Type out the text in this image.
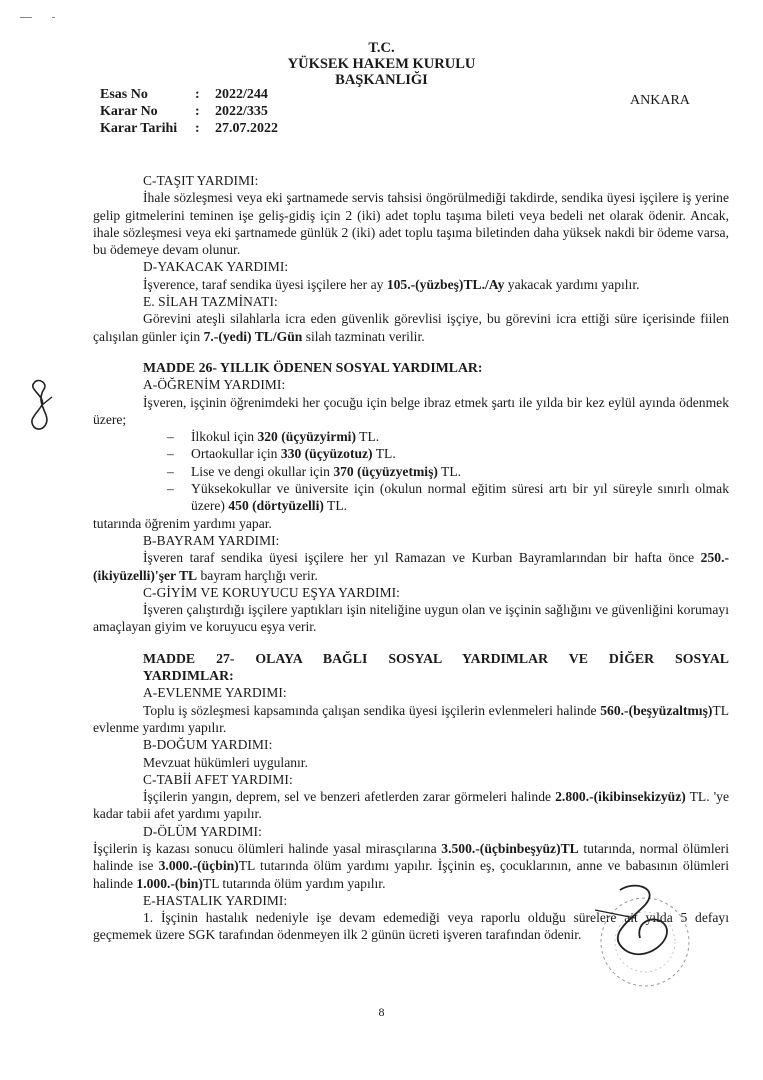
T.C.
YÜKSEK HAKEM KURULU
BAŞKANLIĞI
Esas No	:	2022/244
Karar No	:	2022/335
Karar Tarihi	:	27.07.2022
ANKARA
C-TAŞIT YARDIMI:
İhale sözleşmesi veya eki şartnamede servis tahsisi öngörülmediği takdirde, sendika üyesi işçilere iş yerine gelip gitmelerini teminen işe geliş-gidiş için 2 (iki) adet toplu taşıma bileti veya bedeli net olarak ödenir. Ancak, ihale sözleşmesi veya eki şartnamede günlük 2 (iki) adet toplu taşıma biletinden daha yüksek nakdi bir ödeme varsa, bu ödemeye devam olunur.
D-YAKACAK YARDIMI:
İşverence, taraf sendika üyesi işçilere her ay 105.-(yüzbeş)TL./Ay yakacak yardımı yapılır.
E. SİLAH TAZMİNATI:
Görevini ateşli silahlarla icra eden güvenlik görevlisi işçiye, bu görevini icra ettiği süre içerisinde fiilen çalışılan günler için 7.-(yedi) TL/Gün silah tazminatı verilir.
MADDE 26- YILLIK ÖDENEN SOSYAL YARDIMLAR:
A-ÖĞRENİM YARDIMI:
İşveren, işçinin öğrenimdeki her çocuğu için belge ibraz etmek şartı ile yılda bir kez eylül ayında ödenmek üzere;
– İlkokul için 320 (üçyüzyirmi) TL.
– Ortaokullar için 330 (üçyüzotuz) TL.
– Lise ve dengi okullar için 370 (üçyüzyetmiş) TL.
– Yüksekokullar ve üniversite için (okulun normal eğitim süresi artı bir yıl süreyle sınırlı olmak üzere) 450 (dörtyüzelli) TL.
tutarında öğrenim yardımı yapar.
B-BAYRAM YARDIMI:
İşveren taraf sendika üyesi işçilere her yıl Ramazan ve Kurban Bayramlarından bir hafta önce 250.-(ikiyüzelli)'şer TL bayram harçlığı verir.
C-GİYİM VE KORUYUCU EŞYA YARDIMI:
İşveren çalıştırdığı işçilere yaptıkları işin niteliğine uygun olan ve işçinin sağlığını ve güvenliğini korumayı amaçlayan giyim ve koruyucu eşya verir.
MADDE 27- OLAYA BAĞLI SOSYAL YARDIMLAR VE DİĞER SOSYAL
YARDIMLAR:
A-EVLENME YARDIMI:
Toplu iş sözleşmesi kapsamında çalışan sendika üyesi işçilerin evlenmeleri halinde 560.-(beşyüzaltmış)TL evlenme yardımı yapılır.
B-DOĞUM YARDIMI:
Mevzuat hükümleri uygulanır.
C-TABİİ AFET YARDIMI:
İşçilerin yangın, deprem, sel ve benzeri afetlerden zarar görmeleri halinde 2.800.-(ikibinsekizyüz) TL. 'ye kadar tabii afet yardımı yapılır.
D-ÖLÜM YARDIMI:
İşçilerin iş kazası sonucu ölümleri halinde yasal mirasçılarına 3.500.-(üçbinbeşyüz)TL tutarında, normal ölümleri halinde ise 3.000.-(üçbin)TL tutarında ölüm yardımı yapılır. İşçinin eş, çocuklarının, anne ve babasının ölümleri halinde 1.000.-(bin)TL tutarında ölüm yardım yapılır.
E-HASTALIK YARDIMI:
1. İşçinin hastalık nedeniyle işe devam edemediği veya raporlu olduğu sürelere ait yılda 5 defayı geçmemek üzere SGK tarafından ödenmeyen ilk 2 günün ücreti işveren tarafından ödenir.
8
